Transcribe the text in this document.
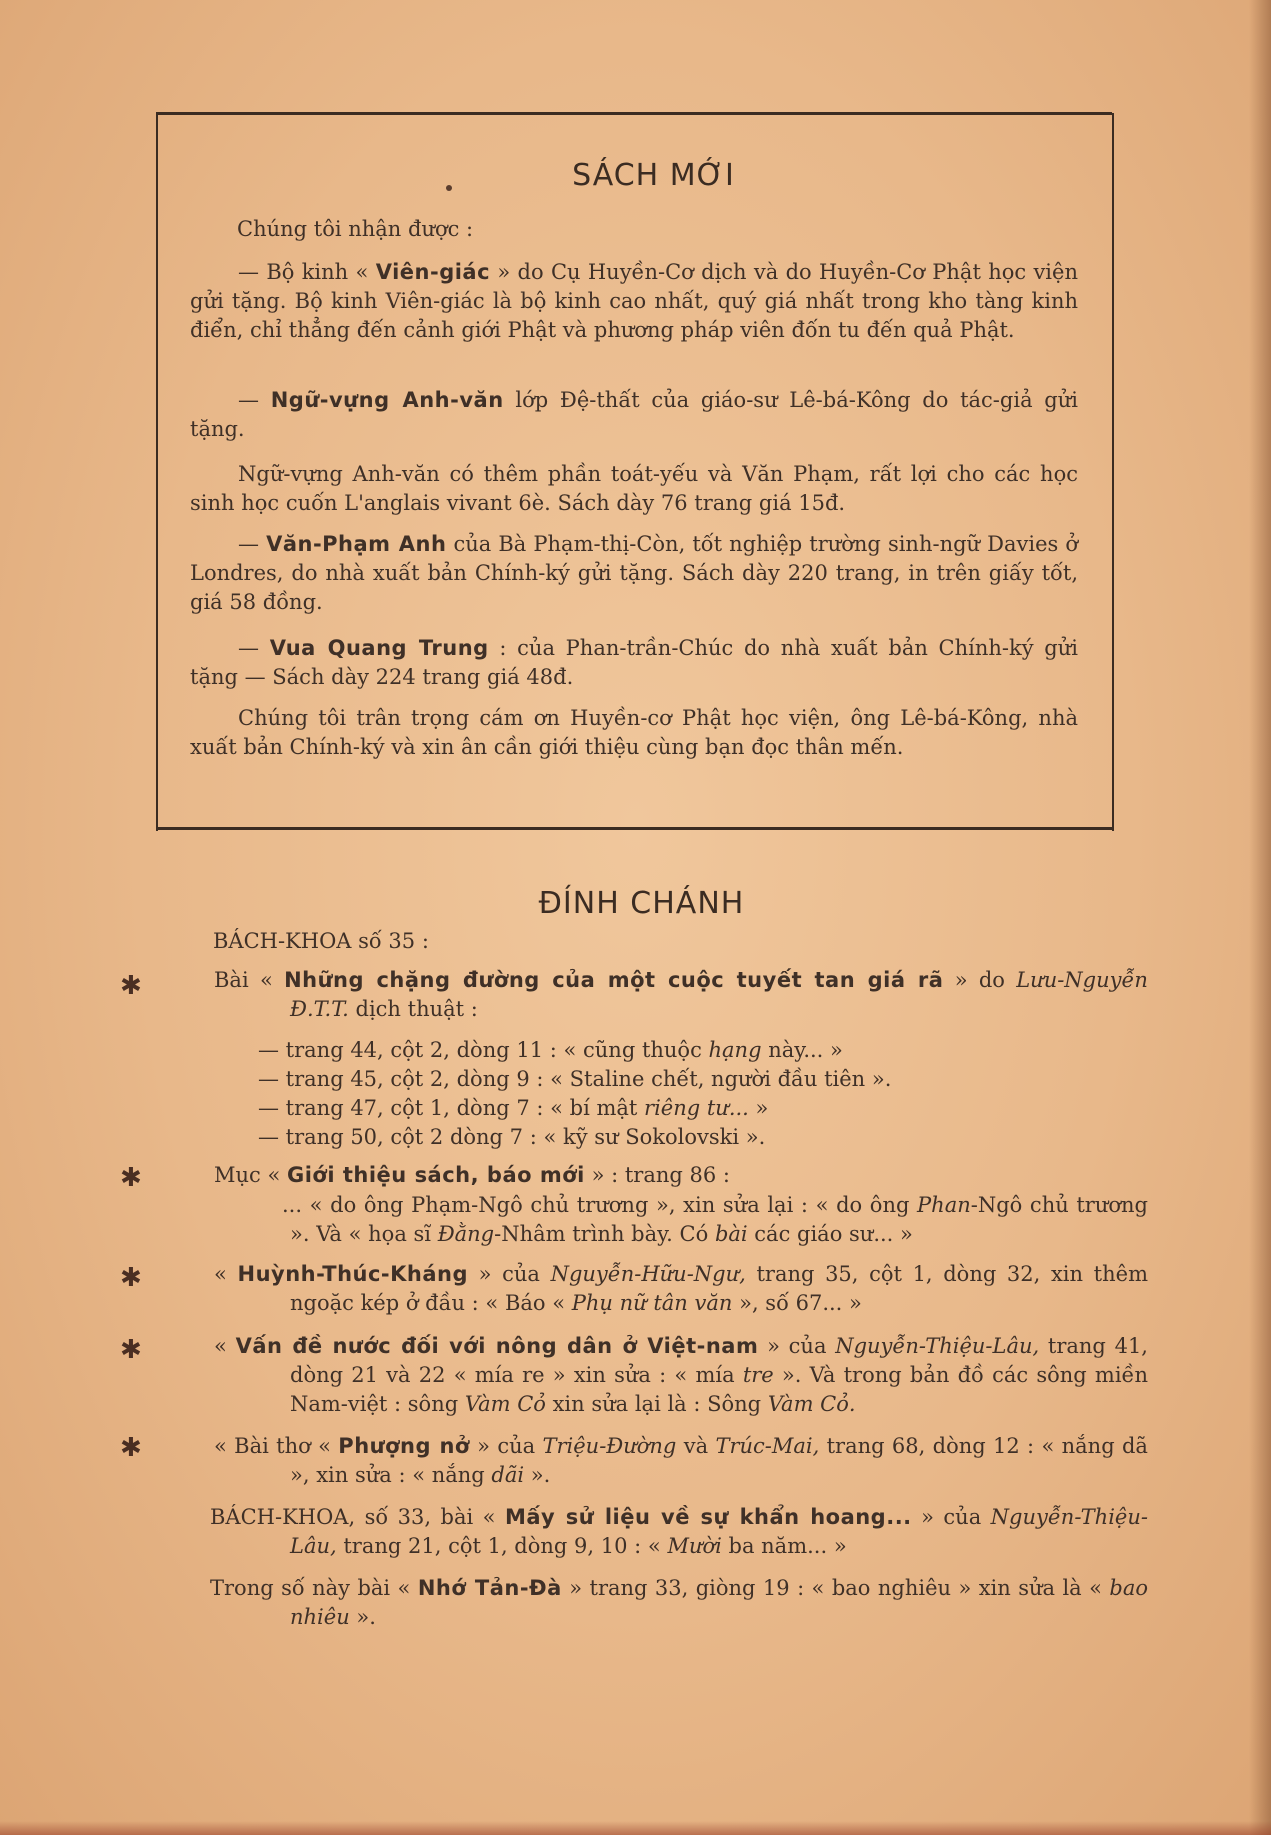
SÁCH MỚI

Chúng tôi nhận được :

— Bộ kinh « Viên-giác » do Cụ Huyền-Cơ dịch và do Huyền-Cơ Phật học viện gửi tặng. Bộ kinh Viên-giác là bộ kinh cao nhất, quý giá nhất trong kho tàng kinh điển, chỉ thẳng đến cảnh giới Phật và phương pháp viên đốn tu đến quả Phật.

— Ngữ-vựng Anh-văn lớp Đệ-thất của giáo-sư Lê-bá-Kông do tác-giả gửi tặng.

Ngữ-vựng Anh-văn có thêm phần toát-yếu và Văn Phạm, rất lợi cho các học sinh học cuốn L'anglais vivant 6è. Sách dày 76 trang giá 15đ.

— Văn-Phạm Anh của Bà Phạm-thị-Còn, tốt nghiệp trường sinh-ngữ Davies ở Londres, do nhà xuất bản Chính-ký gửi tặng. Sách dày 220 trang, in trên giấy tốt, giá 58 đồng.

— Vua Quang Trung : của Phan-trần-Chúc do nhà xuất bản Chính-ký gửi tặng — Sách dày 224 trang giá 48đ.

Chúng tôi trân trọng cám ơn Huyền-cơ Phật học viện, ông Lê-bá-Kông, nhà xuất bản Chính-ký và xin ân cần giới thiệu cùng bạn đọc thân mến.

ĐÍNH CHÁNH

BÁCH-KHOA số 35 :

✱	Bài « Những chặng đường của một cuộc tuyết tan giá rã » do Lưu-Nguyễn Đ.T.T. dịch thuật :

— trang 44, cột 2, dòng 11 : « cũng thuộc hạng này... »

— trang 45, cột 2, dòng 9 : « Staline chết, người đầu tiên ».

— trang 47, cột 1, dòng 7 : « bí mật riêng tư... »

— trang 50, cột 2 dòng 7 : « kỹ sư Sokolovski ».

✱	Mục « Giới thiệu sách, báo mới » : trang 86 :

... « do ông Phạm-Ngô chủ trương », xin sửa lại : « do ông Phan-Ngô chủ trương ». Và « họa sĩ Đằng-Nhâm trình bày. Có bài các giáo sư... »

✱	« Huỳnh-Thúc-Kháng » của Nguyễn-Hữu-Ngư, trang 35, cột 1, dòng 32, xin thêm ngoặc kép ở đầu : « Báo « Phụ nữ tân văn », số 67... »

✱	« Vấn đề nước đối với nông dân ở Việt-nam » của Nguyễn-Thiệu-Lâu, trang 41, dòng 21 và 22 « mía re » xin sửa : « mía tre ». Và trong bản đồ các sông miền Nam-việt : sông Vàm Cỏ xin sửa lại là : Sông Vàm Cỏ.

✱	« Bài thơ « Phượng nở » của Triệu-Đường và Trúc-Mai, trang 68, dòng 12 : « nắng dã », xin sửa : « nắng dãi ».

BÁCH-KHOA, số 33, bài « Mấy sử liệu về sự khẩn hoang... » của Nguyễn-Thiệu-Lâu, trang 21, cột 1, dòng 9, 10 : « Mười ba năm... »

Trong số này bài « Nhớ Tản-Đà » trang 33, giòng 19 : « bao nghiêu » xin sửa là « bao nhiêu ».
